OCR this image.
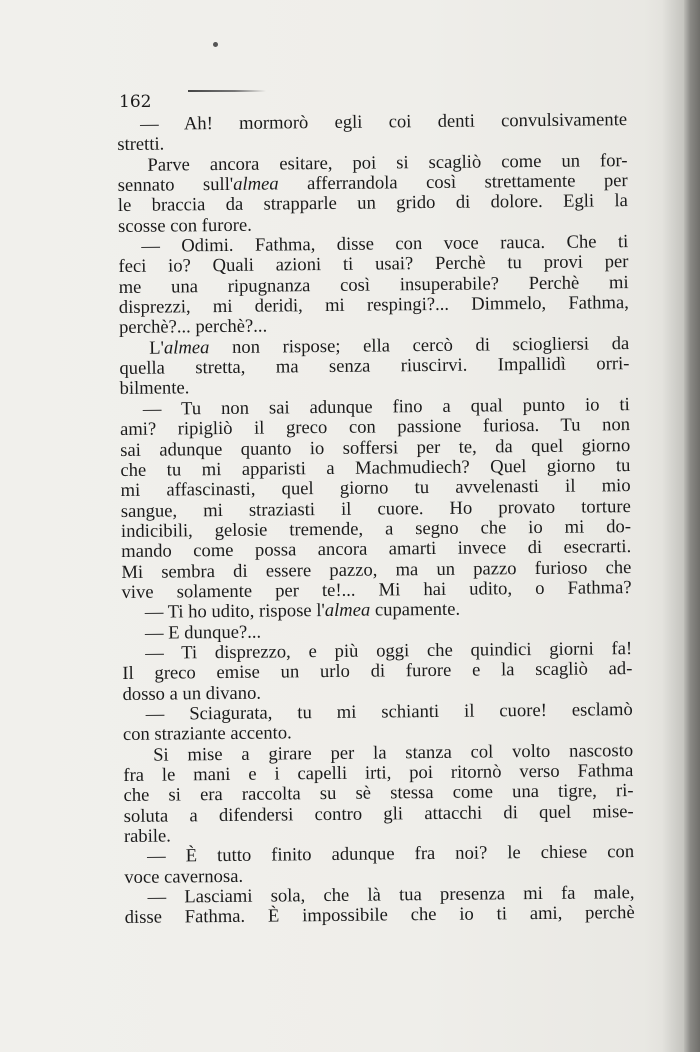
162
— Ah! mormorò egli coi denti convulsivamente
stretti.
Parve ancora esitare, poi si scagliò come un for-
sennato sull'almea afferrandola così strettamente per
le braccia da strapparle un grido di dolore. Egli la
scosse con furore.
— Odimi. Fathma, disse con voce rauca. Che ti
feci io? Quali azioni ti usai? Perchè tu provi per
me una ripugnanza così insuperabile? Perchè mi
disprezzi, mi deridi, mi respingi?... Dimmelo, Fathma,
perchè?... perchè?...
L'almea non rispose; ella cercò di sciogliersi da
quella stretta, ma senza riuscirvi. Impallidì orri-
bilmente.
— Tu non sai adunque fino a qual punto io ti
ami? ripigliò il greco con passione furiosa. Tu non
sai adunque quanto io soffersi per te, da quel giorno
che tu mi apparisti a Machmudiech? Quel giorno tu
mi affascinasti, quel giorno tu avvelenasti il mio
sangue, mi straziasti il cuore. Ho provato torture
indicibili, gelosie tremende, a segno che io mi do-
mando come possa ancora amarti invece di esecrarti.
Mi sembra di essere pazzo, ma un pazzo furioso che
vive solamente per te!... Mi hai udito, o Fathma?
— Ti ho udito, rispose l'almea cupamente.
— E dunque?...
— Ti disprezzo, e più oggi che quindici giorni fa!
Il greco emise un urlo di furore e la scagliò ad-
dosso a un divano.
— Sciagurata, tu mi schianti il cuore! esclamò
con straziante accento.
Si mise a girare per la stanza col volto nascosto
fra le mani e i capelli irti, poi ritornò verso Fathma
che si era raccolta su sè stessa come una tigre, ri-
soluta a difendersi contro gli attacchi di quel mise-
rabile.
— È tutto finito adunque fra noi? le chiese con
voce cavernosa.
— Lasciami sola, che là tua presenza mi fa male,
disse Fathma. È impossibile che io ti ami, perchè
